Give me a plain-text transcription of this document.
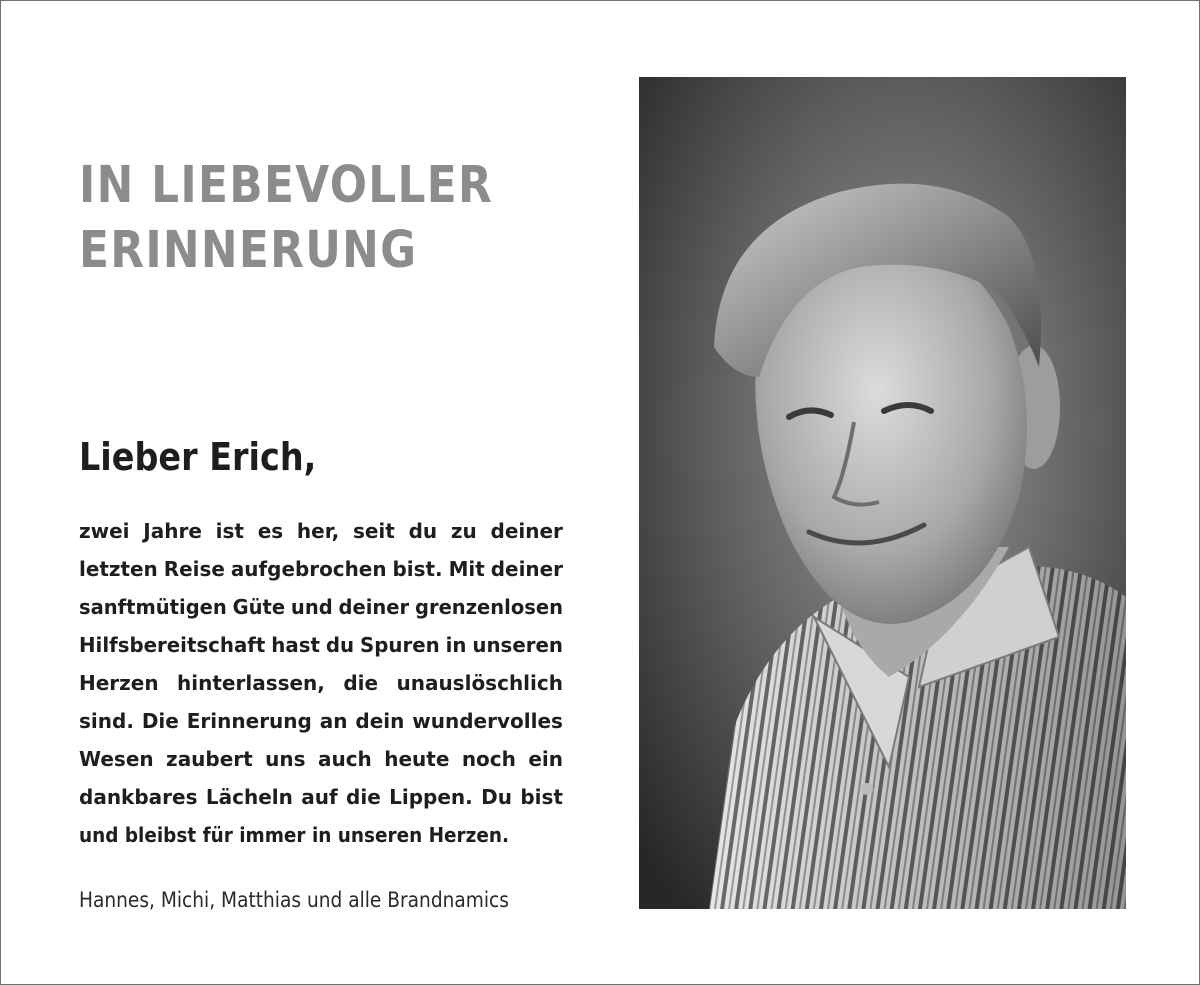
IN LIEBEVOLLER
ERINNERUNG
Lieber Erich,
zwei Jahre ist es her, seit du zu deiner
letzten Reise aufgebrochen bist. Mit deiner
sanftmütigen Güte und deiner grenzenlosen
Hilfsbereitschaft hast du Spuren in unseren
Herzen hinterlassen, die unauslöschlich
sind. Die Erinnerung an dein wundervolles
Wesen zaubert uns auch heute noch ein
dankbares Lächeln auf die Lippen. Du bist
und bleibst für immer in unseren Herzen.

Hannes, Michi, Matthias und alle Brandnamics
